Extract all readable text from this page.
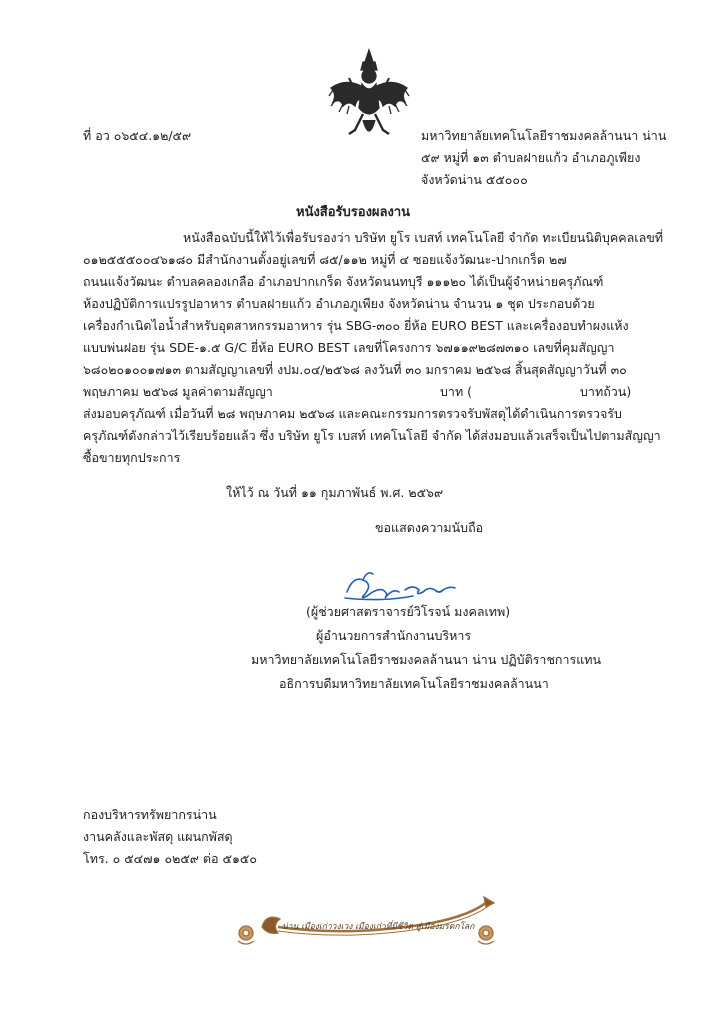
ที่ อว ๐๖๕๔.๑๒/๕๙	มหาวิทยาลัยเทคโนโลยีราชมงคลล้านนา น่าน
๕๙ หมู่ที่ ๑๓ ตำบลฝายแก้ว อำเภอภูเพียง
จังหวัดน่าน ๕๕๐๐๐
หนังสือรับรองผลงาน
หนังสือฉบับนี้ให้ไว้เพื่อรับรองว่า บริษัท ยูโร เบสท์ เทคโนโลยี จำกัด ทะเบียนนิติบุคคลเลขที่
๐๑๒๕๕๕๐๐๔๖๑๘๐ มีสำนักงานตั้งอยู่เลขที่ ๘๕/๑๑๒ หมู่ที่ ๔ ซอยแจ้งวัฒนะ-ปากเกร็ด ๒๗
ถนนแจ้งวัฒนะ ตำบลคลองเกลือ อำเภอปากเกร็ด จังหวัดนนทบุรี ๑๑๑๒๐ ได้เป็นผู้จำหน่ายครุภัณฑ์
ห้องปฏิบัติการแปรรูปอาหาร ตำบลฝายแก้ว อำเภอภูเพียง จังหวัดน่าน จำนวน ๑ ชุด ประกอบด้วย
เครื่องกำเนิดไอน้ำสำหรับอุตสาหกรรมอาหาร รุ่น SBG-๓๐๐ ยี่ห้อ EURO BEST และเครื่องอบทำผงแห้ง
แบบพ่นฝอย รุ่น SDE-๑.๕ G/C ยี่ห้อ EURO BEST เลขที่โครงการ ๖๗๑๑๙๒๘๗๓๑๐ เลขที่คุมสัญญา
๖๘๐๒๐๑๐๐๑๗๑๓ ตามสัญญาเลขที่ งปม.๐๔/๒๕๖๘ ลงวันที่ ๓๐ มกราคม ๒๕๖๘ สิ้นสุดสัญญาวันที่ ๓๐
พฤษภาคม ๒๕๖๘ มูลค่าตามสัญญา	บาท (	บาทถ้วน)
ส่งมอบครุภัณฑ์ เมื่อวันที่ ๒๘ พฤษภาคม ๒๕๖๘ และคณะกรรมการตรวจรับพัสดุได้ดำเนินการตรวจรับ
ครุภัณฑ์ดังกล่าวไว้เรียบร้อยแล้ว ซึ่ง บริษัท ยูโร เบสท์ เทคโนโลยี จำกัด ได้ส่งมอบแล้วเสร็จเป็นไปตามสัญญา
ซื้อขายทุกประการ
ให้ไว้ ณ วันที่ ๑๑ กุมภาพันธ์ พ.ศ. ๒๕๖๙
ขอแสดงความนับถือ
(ผู้ช่วยศาสตราจารย์วิโรจน์ มงคลเทพ)
ผู้อำนวยการสำนักงานบริหาร
มหาวิทยาลัยเทคโนโลยีราชมงคลล้านนา น่าน ปฏิบัติราชการแทน
อธิการบดีมหาวิทยาลัยเทคโนโลยีราชมงคลล้านนา
กองบริหารทรัพยากรน่าน
งานคลังและพัสดุ แผนกพัสดุ
โทร. ๐ ๕๔๗๑ ๐๒๕๙ ต่อ ๕๑๕๐
น่าน เมืองเก่าวงเวง เมืองเก่าที่มีชีวิต สู่เมืองมรดกโลก
